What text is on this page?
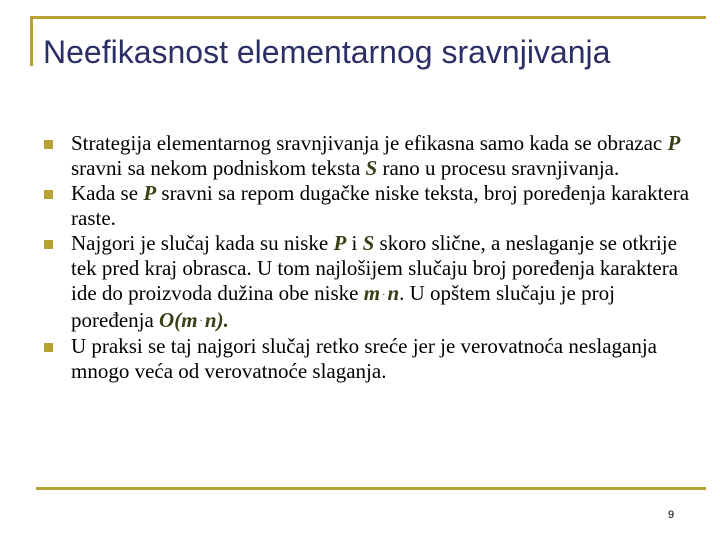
Neefikasnost elementarnog sravnjivanja
Strategija elementarnog sravnjivanja je efikasna samo kada se obrazac P sravni sa nekom podniskom teksta S rano u procesu sravnjivanja.
Kada se P sravni sa repom dugačke niske teksta, broj poređenja karaktera raste.
Najgori je slučaj kada su niske P i S skoro slične, a neslaganje se otkrije tek pred kraj obrasca. U tom najlošijem slučaju broj poređenja karaktera ide do proizvoda dužina obe niske m ·n. U opštem slučaju je proj poređenja O(m ·n).
U praksi se taj najgori slučaj retko sreće jer je verovatnoća neslaganja mnogo veća od verovatnoće slaganja.
9
